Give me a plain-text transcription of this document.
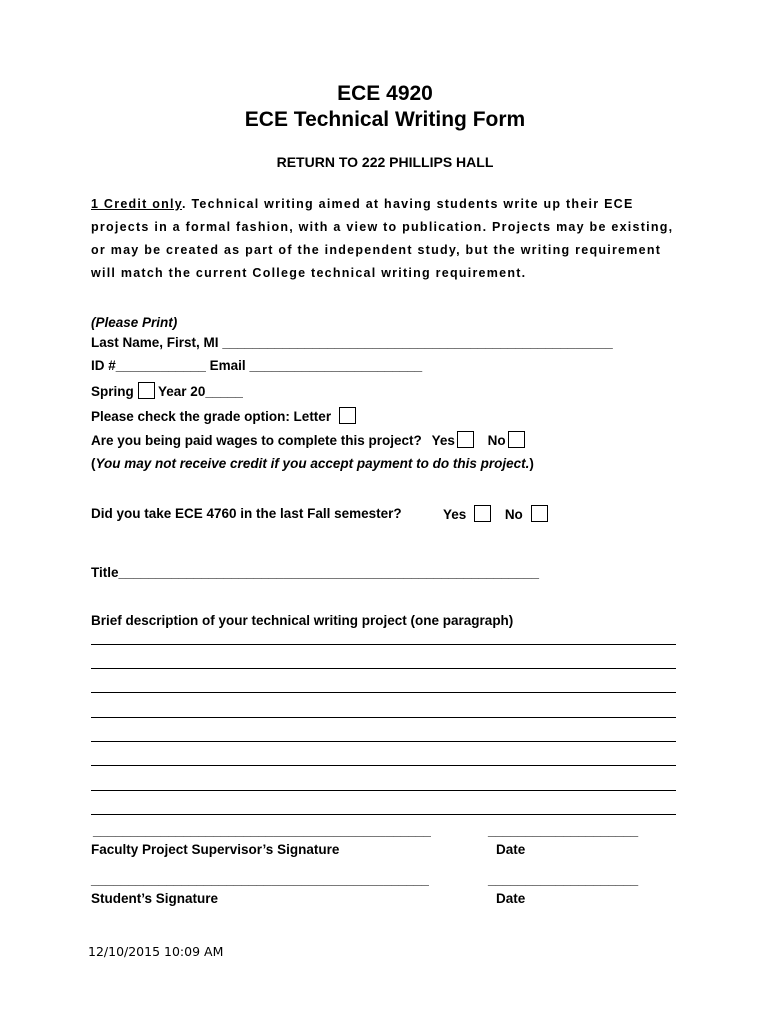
ECE 4920
ECE Technical Writing Form
RETURN TO 222 PHILLIPS HALL
1 Credit only. Technical writing aimed at having students write up their ECE projects in a formal fashion, with a view to publication. Projects may be existing, or may be created as part of the independent study, but the writing requirement will match the current College technical writing requirement.
(Please Print)
Last Name, First, MI ____________________________________________________
ID #____________ Email _______________________
Spring Year 20_____
Please check the grade option: Letter
Are you being paid wages to complete this project? Yes No
(You may not receive credit if you accept payment to do this project.)
Did you take ECE 4760 in the last Fall semester?	Yes	No
Title________________________________________________________
Brief description of your technical writing project (one paragraph)
_____________________________________________	____________________
Faculty Project Supervisor’s Signature	Date
_____________________________________________	____________________
Student’s Signature	Date
12/10/2015 10:09 AM
